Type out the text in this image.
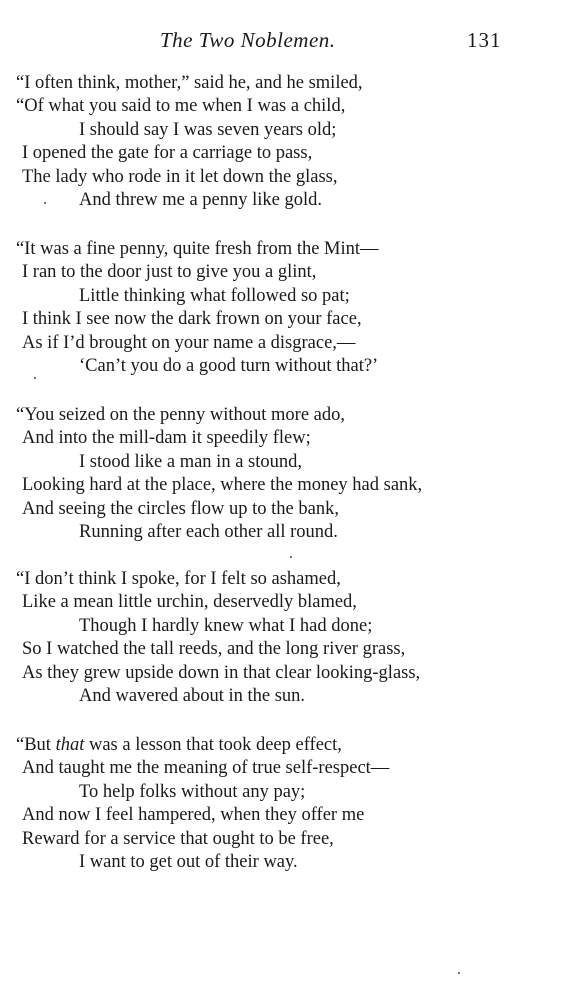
The Two Noblemen.	131
“I often think, mother,” said he, and he smiled,
“Of what you said to me when I was a child,
I should say I was seven years old;
I opened the gate for a carriage to pass,
The lady who rode in it let down the glass,
And threw me a penny like gold.
“It was a fine penny, quite fresh from the Mint—
I ran to the door just to give you a glint,
Little thinking what followed so pat;
I think I see now the dark frown on your face,
As if I’d brought on your name a disgrace,—
‘Can’t you do a good turn without that?’
“You seized on the penny without more ado,
And into the mill-dam it speedily flew;
I stood like a man in a stound,
Looking hard at the place, where the money had sank,
And seeing the circles flow up to the bank,
Running after each other all round.
“I don’t think I spoke, for I felt so ashamed,
Like a mean little urchin, deservedly blamed,
Though I hardly knew what I had done;
So I watched the tall reeds, and the long river grass,
As they grew upside down in that clear looking-glass,
And wavered about in the sun.
“But that was a lesson that took deep effect,
And taught me the meaning of true self-respect—
To help folks without any pay;
And now I feel hampered, when they offer me
Reward for a service that ought to be free,
I want to get out of their way.
